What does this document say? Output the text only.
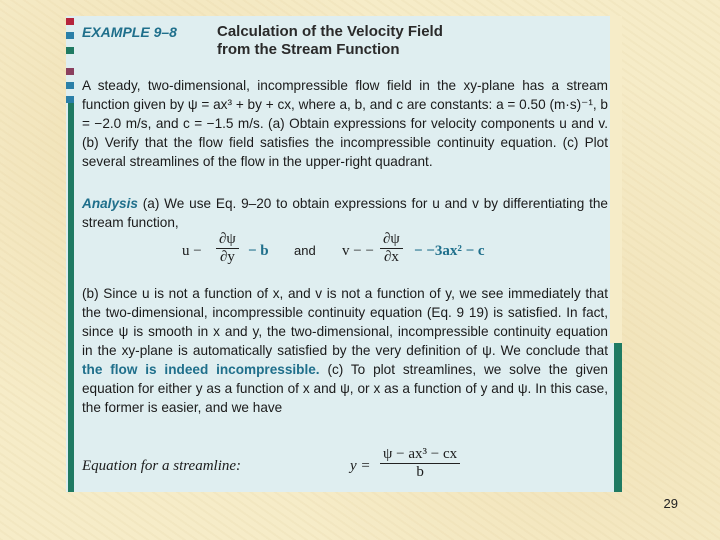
EXAMPLE 9–8	Calculation of the Velocity Field
from the Stream Function

A steady, two-dimensional, incompressible flow field in the xy-plane has a stream function given by ψ = ax³ + by + cx, where a, b, and c are constants: a = 0.50 (m·s)⁻¹, b = −2.0 m/s, and c = −1.5 m/s. (a) Obtain expressions for velocity components u and v. (b) Verify that the flow field satisfies the incompressible continuity equation. (c) Plot several streamlines of the flow in the upper-right quadrant.

Analysis (a) We use Eq. 9–20 to obtain expressions for u and v by differentiating the stream function,

$u - \frac{\partial\psi}{\partial y} - b$ and v − − $\frac{\partial\psi}{\partial x} - -3ax^2 - c$

(b) Since u is not a function of x, and v is not a function of y, we see immediately that the two-dimensional, incompressible continuity equation (Eq. 9 19) is satisfied. In fact, since ψ is smooth in x and y, the two-dimensional, incompressible continuity equation in the xy-plane is automatically satisfied by the very definition of ψ. We conclude that the flow is indeed incompressible. (c) To plot streamlines, we solve the given equation for either y as a function of x and ψ, or x as a function of y and ψ. In this case, the former is easier, and we have

Equation for a streamline:	$y = \frac{\text{ψ − ax³ − cx}}{b}$
29
